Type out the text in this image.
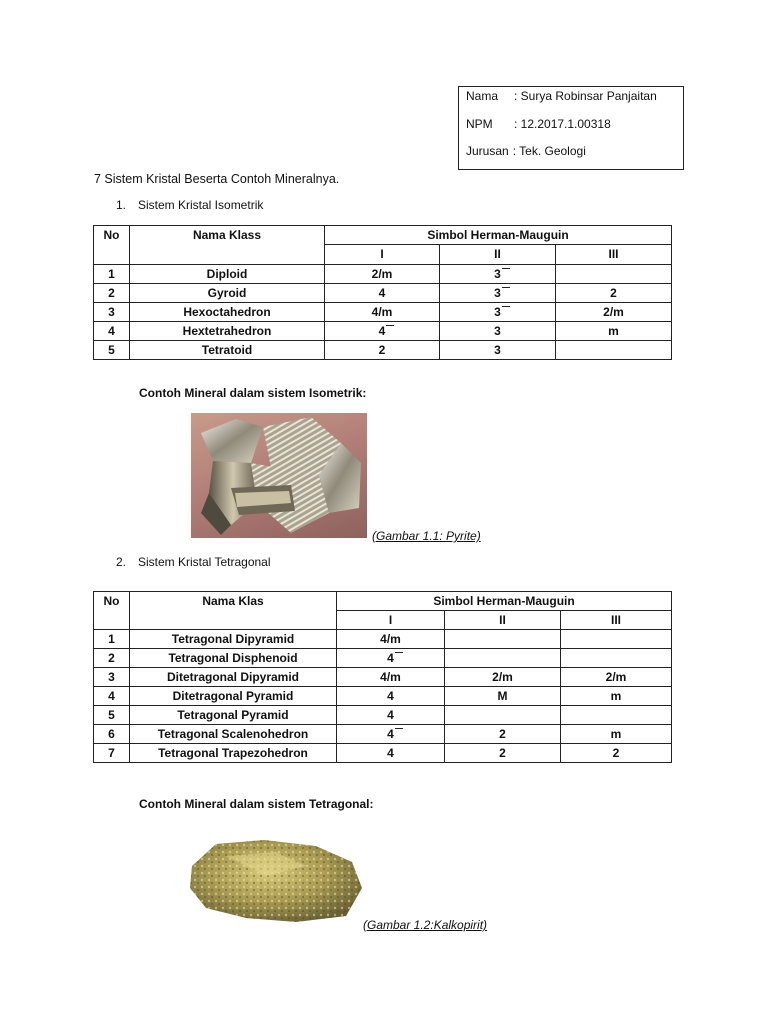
Nama : Surya Robinsar Panjaitan
NPM : 12.2017.1.00318
Jurusan : Tek. Geologi
7 Sistem Kristal Beserta Contoh Mineralnya.
1. Sistem Kristal Isometrik
No	Nama Klass	Simbol Herman-Mauguin		
		I	II	III
1	Diploid	2/m	3	
2	Gyroid	4	3	2
3	Hexoctahedron	4/m	3	2/m
4	Hextetrahedron	4	3	m
5	Tetratoid	2	3	
Contoh Mineral dalam sistem Isometrik:
(Gambar 1.1: Pyrite)
2. Sistem Kristal Tetragonal
No	Nama Klas	Simbol Herman-Mauguin		
		I	II	III
1	Tetragonal Dipyramid	4/m		
2	Tetragonal Disphenoid	4		
3	Ditetragonal Dipyramid	4/m	2/m	2/m
4	Ditetragonal Pyramid	4	M	m
5	Tetragonal Pyramid	4		
6	Tetragonal Scalenohedron	4	2	m
7	Tetragonal Trapezohedron	4	2	2
Contoh Mineral dalam sistem Tetragonal:
(Gambar 1.2:Kalkopirit)
